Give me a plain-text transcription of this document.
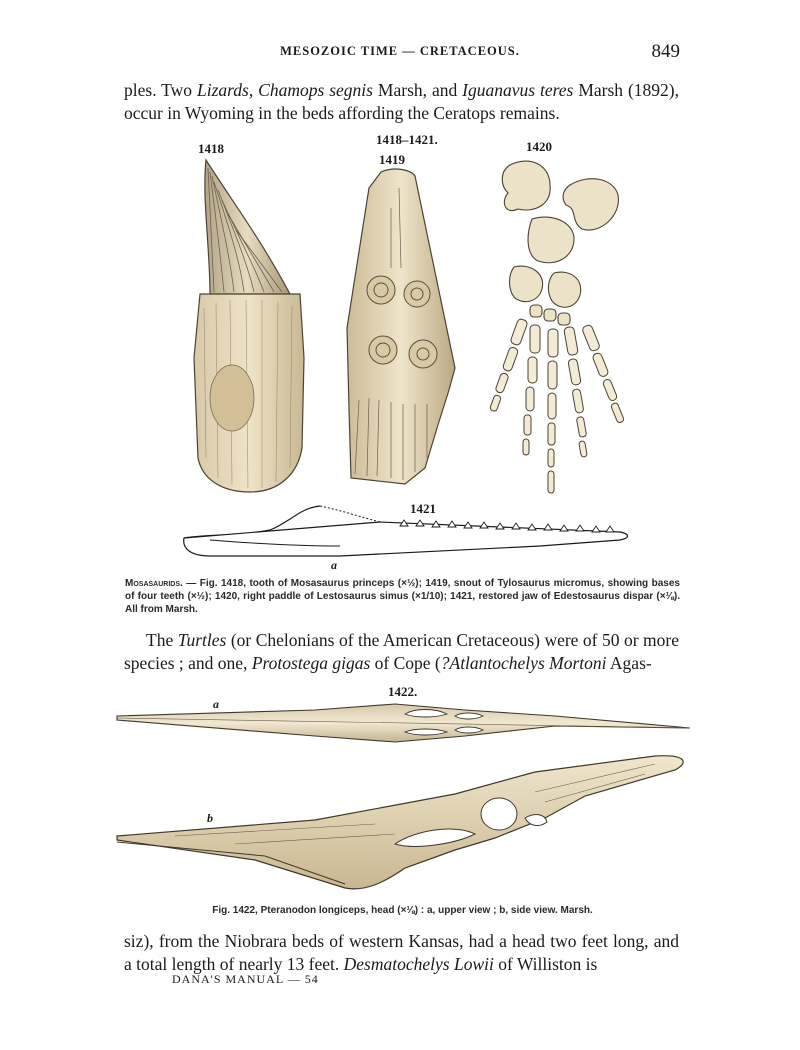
MESOZOIC TIME — CRETACEOUS.	849

ples. Two Lizards, Chamops segnis Marsh, and Iguanavus teres Marsh (1892), occur in Wyoming in the beds affording the Ceratops remains.

1418–1421.
1418
1419
1420
1421
a
Mosasaurids. — Fig. 1418, tooth of Mosasaurus princeps (×½); 1419, snout of Tylosaurus micromus, showing bases of four teeth (×½); 1420, right paddle of Lestosaurus simus (×1/10); 1421, restored jaw of Edestosaurus dispar (×⅛). All from Marsh.

The Turtles (or Chelonians of the American Cretaceous) were of 50 or more species ; and one, Protostega gigas of Cope (?Atlantochelys Mortoni Agas-

1422.
a
b
Fig. 1422, Pteranodon longiceps, head (×⅛) : a, upper view ; b, side view. Marsh.

siz), from the Niobrara beds of western Kansas, had a head two feet long, and a total length of nearly 13 feet. Desmatochelys Lowii of Williston is

DANA'S MANUAL — 54
